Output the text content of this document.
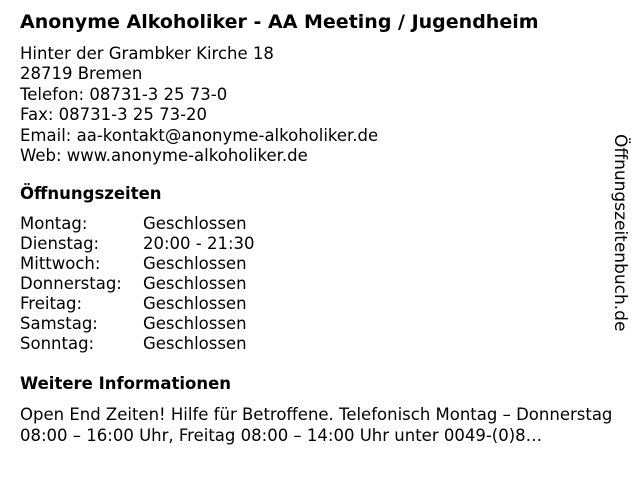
Anonyme Alkoholiker - AA Meeting / Jugendheim
Hinter der Grambker Kirche 18
28719 Bremen
Telefon: 08731-3 25 73-0
Fax: 08731-3 25 73-20
Email: aa-kontakt@anonyme-alkoholiker.de
Web: www.anonyme-alkoholiker.de
Öffnungszeiten
Montag:	Geschlossen
Dienstag:	20:00 - 21:30
Mittwoch:	Geschlossen
Donnerstag: Geschlossen
Freitag:	Geschlossen
Samstag:	Geschlossen
Sonntag:	Geschlossen
Weitere Informationen
Open End Zeiten! Hilfe für Betroffene. Telefonisch Montag – Donnerstag 08:00 – 16:00 Uhr, Freitag 08:00 – 14:00 Uhr unter 0049-(0)8…
Öffnungszeitenbuch.de
